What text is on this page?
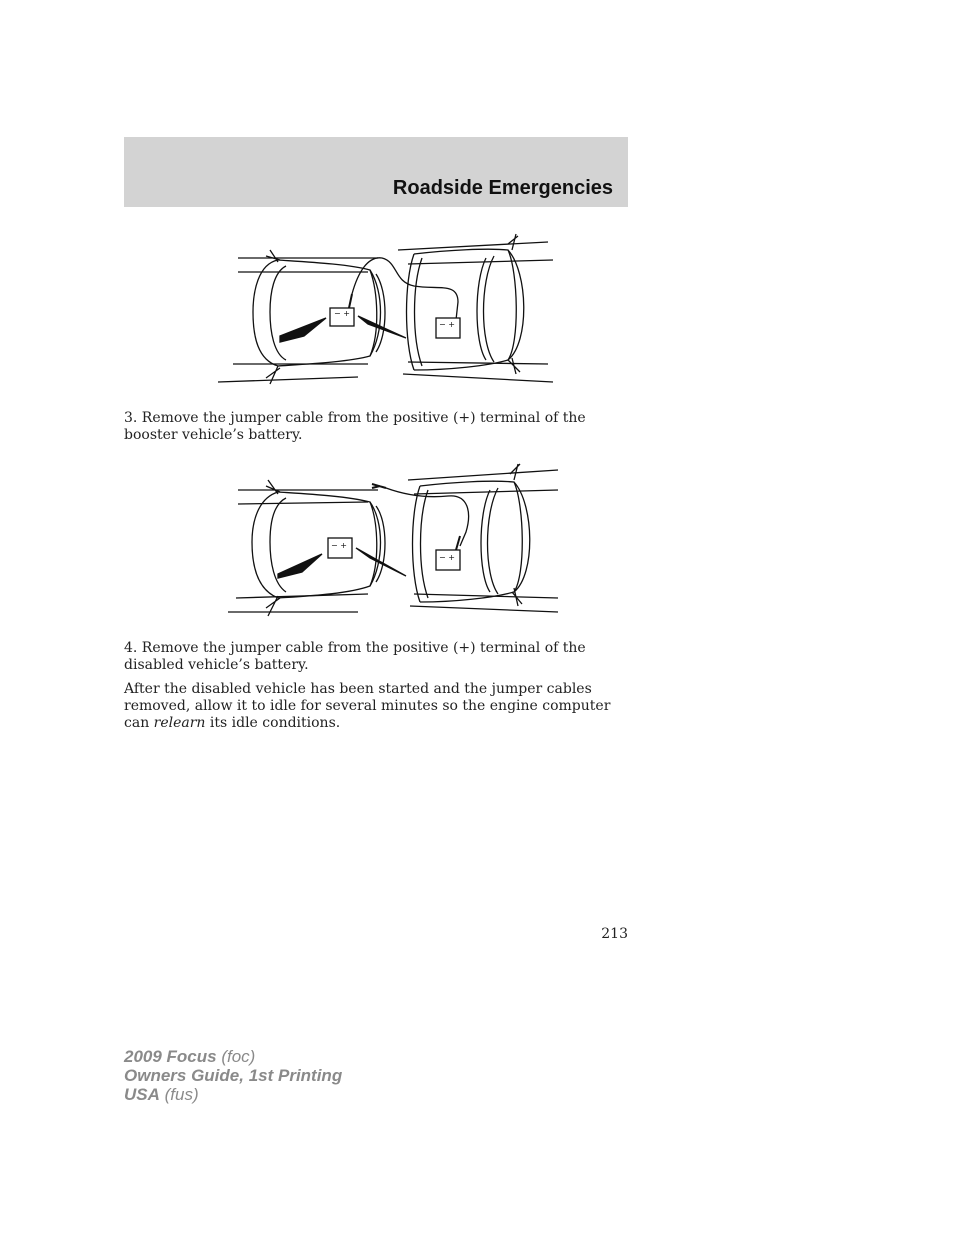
Roadside Emergencies
− +
− +

3. Remove the jumper cable from the positive (+) terminal of the booster vehicle’s battery.

− +
− +

4. Remove the jumper cable from the positive (+) terminal of the disabled vehicle’s battery.

After the disabled vehicle has been started and the jumper cables removed, allow it to idle for several minutes so the engine computer can relearn its idle conditions.

213
2009 Focus (foc)
Owners Guide, 1st Printing
USA (fus)
